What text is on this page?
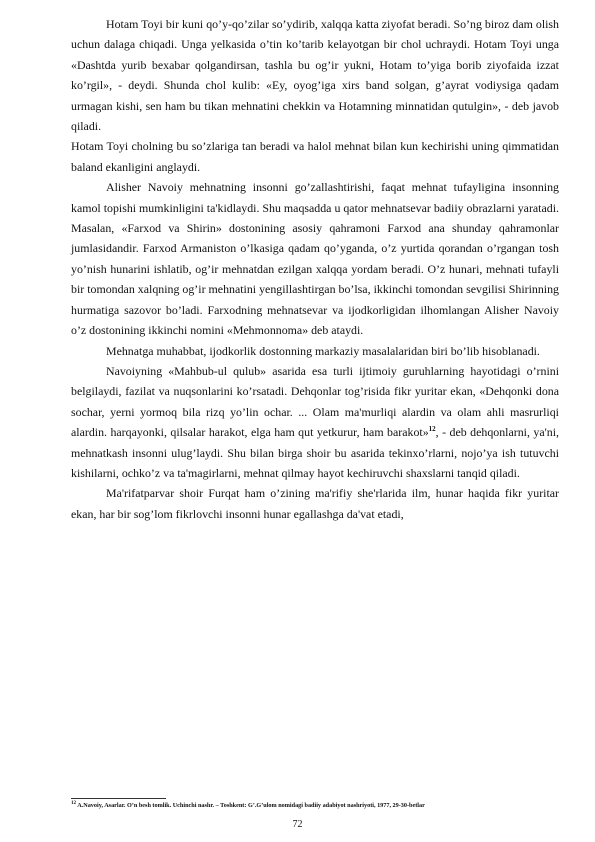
Hotam Toyi bir kuni qo’y-qo’zilar so’ydirib, xalqqa katta ziyofat beradi. So’ng biroz dam olish uchun dalaga chiqadi. Unga yelkasida o’tin ko’tarib kelayotgan bir chol uchraydi. Hotam Toyi unga «Dashtda yurib bexabar qolgandirsan, tashla bu og’ir yukni, Hotam to’yiga borib ziyofaida izzat ko’rgil», - deydi. Shunda chol kulib: «Ey, oyog’iga xirs band solgan, g’ayrat vodiysiga qadam urmagan kishi, sen ham bu tikan mehnatini chekkin va Hotamning minnatidan qutulgin», - deb javob qiladi.

Hotam Toyi cholning bu so’zlariga tan beradi va halol mehnat bilan kun kechirishi uning qimmatidan baland ekanligini anglaydi.

Alisher Navoiy mehnatning insonni go’zallashtirishi, faqat mehnat tufayligina insonning kamol topishi mumkinligini ta'kidlaydi. Shu maqsadda u qator mehnatsevar badiiy obrazlarni yaratadi. Masalan, «Farxod va Shirin» dostonining asosiy qahramoni Farxod ana shunday qahramonlar jumlasidandir. Farxod Armaniston o’lkasiga qadam qo’yganda, o’z yurtida qorandan o’rgangan tosh yo’nish hunarini ishlatib, og’ir mehnatdan ezilgan xalqqa yordam beradi. O’z hunari, mehnati tufayli bir tomondan xalqning og’ir mehnatini yengillashtirgan bo’lsa, ikkinchi tomondan sevgilisi Shirinning hurmatiga sazovor bo’ladi. Farxodning mehnatsevar va ijodkorligidan ilhomlangan Alisher Navoiy o’z dostonining ikkinchi nomini «Mehmonnoma» deb ataydi.

Mehnatga muhabbat, ijodkorlik dostonning markaziy masalalaridan biri bo’lib hisoblanadi.

Navoiyning «Mahbub-ul qulub» asarida esa turli ijtimoiy guruhlarning hayotidagi o’rnini belgilaydi, fazilat va nuqsonlarini ko’rsatadi. Dehqonlar tog’risida fikr yuritar ekan, «Dehqonki dona sochar, yerni yormoq bila rizq yo’lin ochar. ... Olam ma'murliqi alardin va olam ahli masrurliqi alardin. harqayonki, qilsalar harakot, elga ham qut yetkurur, ham barakot»$^{12}$, - deb dehqonlarni, ya'ni, mehnatkash insonni ulug’laydi. Shu bilan birga shoir bu asarida tekinxo’rlarni, nojo’ya ish tutuvchi kishilarni, ochko’z va ta'magirlarni, mehnat qilmay hayot kechiruvchi shaxslarni tanqid qiladi.

Ma'rifatparvar shoir Furqat ham o’zining ma'rifiy she'rlarida ilm, hunar haqida fikr yuritar ekan, har bir sog’lom fikrlovchi insonni hunar egallashga da'vat etadi,

$^{12}$ A.Navoiy, Asarlar. O’n besh tomlik. Uchinchi nashr. – Toshkent: G’.G’ulom nomidagi badiiy adabiyot nashriyoti, 1977, 29-30-betlar
72
